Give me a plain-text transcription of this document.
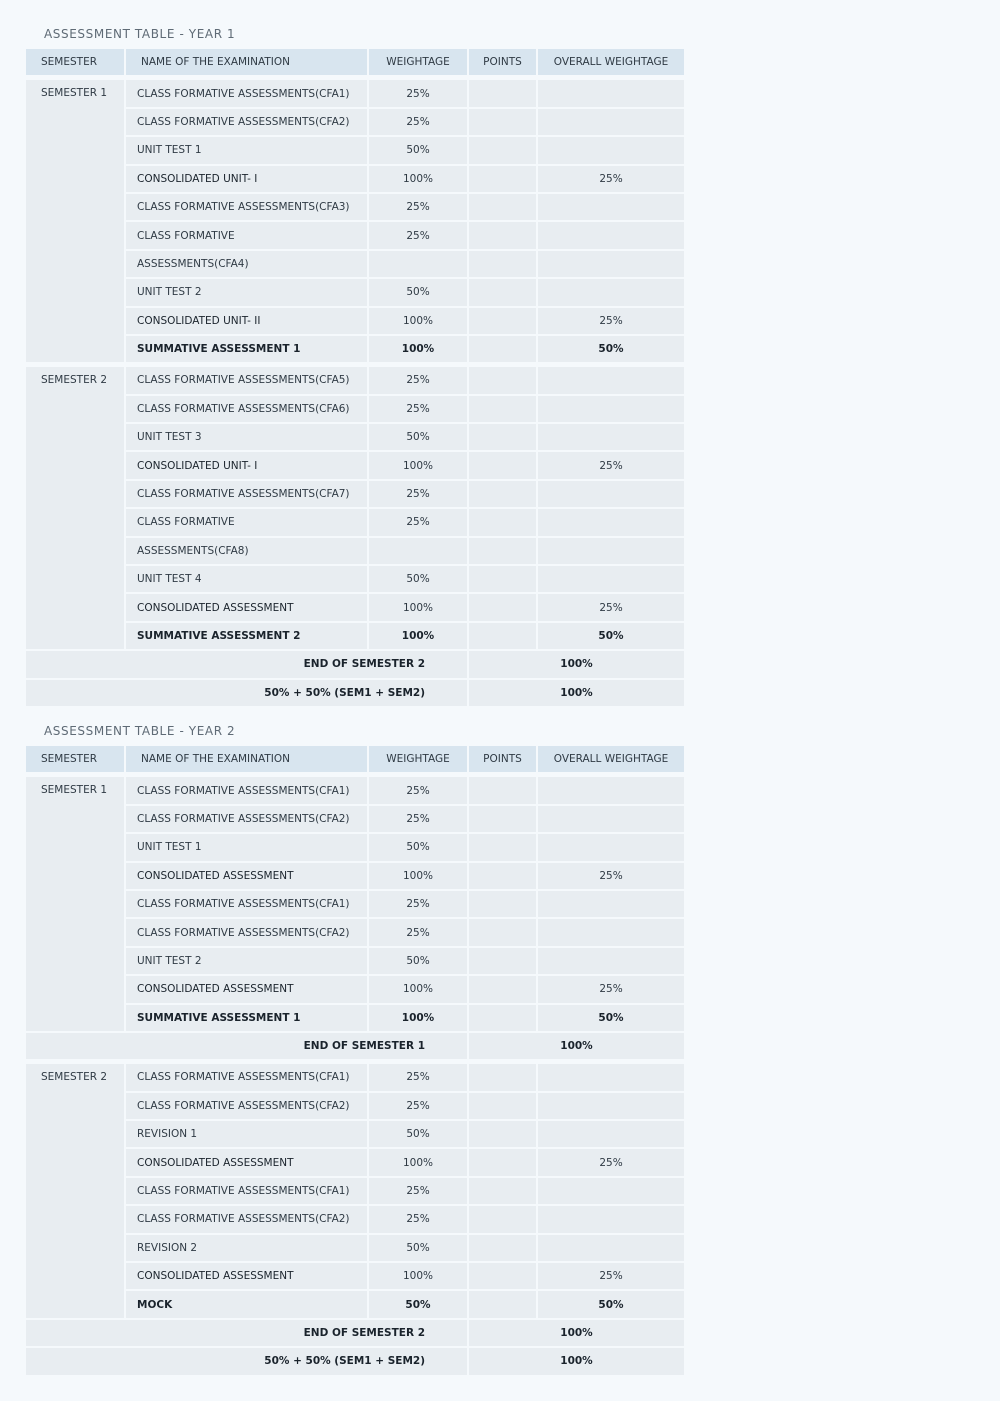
ASSESSMENT TABLE - YEAR 1
SEMESTER	NAME OF THE EXAMINATION	WEIGHTAGE	POINTS	OVERALL WEIGHTAGE

SEMESTER 1	CLASS FORMATIVE ASSESSMENTS(CFA1)	25%		
	CLASS FORMATIVE ASSESSMENTS(CFA2)	25%		
	UNIT TEST 1	50%		
	CONSOLIDATED UNIT- I	100%		25%
	CLASS FORMATIVE ASSESSMENTS(CFA3)	25%		
	CLASS FORMATIVE	25%		
	ASSESSMENTS(CFA4)			
	UNIT TEST 2	50%		
	CONSOLIDATED UNIT- II	100%		25%
	SUMMATIVE ASSESSMENT 1	100%		50%

SEMESTER 2	CLASS FORMATIVE ASSESSMENTS(CFA5)	25%		
	CLASS FORMATIVE ASSESSMENTS(CFA6)	25%		
	UNIT TEST 3	50%		
	CONSOLIDATED UNIT- I	100%		25%
	CLASS FORMATIVE ASSESSMENTS(CFA7)	25%		
	CLASS FORMATIVE	25%		
	ASSESSMENTS(CFA8)			
	UNIT TEST 4	50%		
	CONSOLIDATED ASSESSMENT	100%		25%
	SUMMATIVE ASSESSMENT 2	100%		50%
END OF SEMESTER 2			100%	
50% + 50% (SEM1 + SEM2)			100%	
ASSESSMENT TABLE - YEAR 2
SEMESTER	NAME OF THE EXAMINATION	WEIGHTAGE	POINTS	OVERALL WEIGHTAGE

SEMESTER 1	CLASS FORMATIVE ASSESSMENTS(CFA1)	25%		
	CLASS FORMATIVE ASSESSMENTS(CFA2)	25%		
	UNIT TEST 1	50%		
	CONSOLIDATED ASSESSMENT	100%		25%
	CLASS FORMATIVE ASSESSMENTS(CFA1)	25%		
	CLASS FORMATIVE ASSESSMENTS(CFA2)	25%		
	UNIT TEST 2	50%		
	CONSOLIDATED ASSESSMENT	100%		25%
	SUMMATIVE ASSESSMENT 1	100%		50%
END OF SEMESTER 1			100%	

SEMESTER 2	CLASS FORMATIVE ASSESSMENTS(CFA1)	25%		
	CLASS FORMATIVE ASSESSMENTS(CFA2)	25%		
	REVISION 1	50%		
	CONSOLIDATED ASSESSMENT	100%		25%
	CLASS FORMATIVE ASSESSMENTS(CFA1)	25%		
	CLASS FORMATIVE ASSESSMENTS(CFA2)	25%		
	REVISION 2	50%		
	CONSOLIDATED ASSESSMENT	100%		25%
	MOCK	50%		50%
END OF SEMESTER 2			100%	
50% + 50% (SEM1 + SEM2)			100%	
